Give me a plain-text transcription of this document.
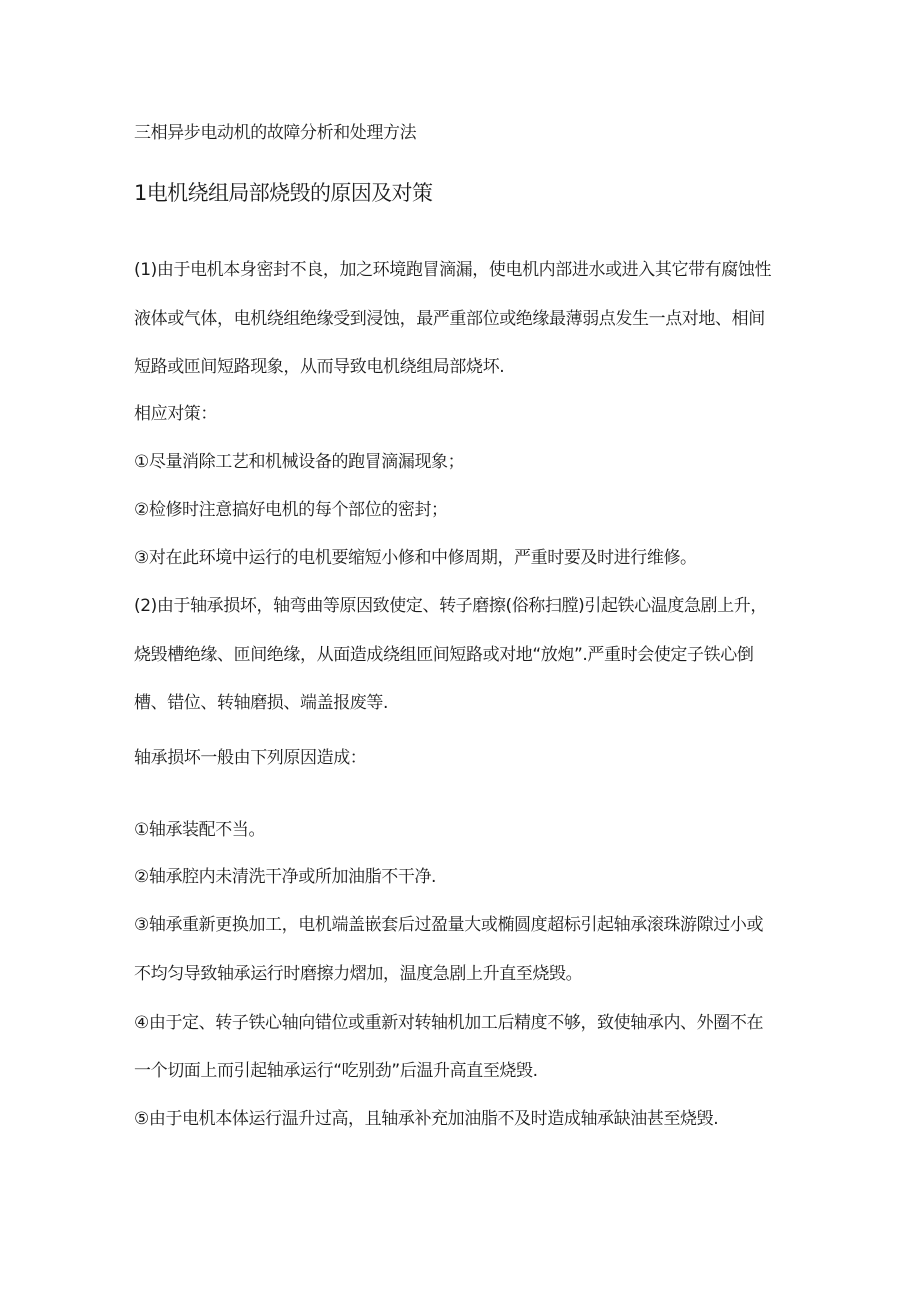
三相异步电动机的故障分析和处理方法

1电机绕组局部烧毁的原因及对策

(1)由于电机本身密封不良，加之环境跑冒滴漏，使电机内部进水或进入其它带有腐蚀性

液体或气体，电机绕组绝缘受到浸蚀，最严重部位或绝缘最薄弱点发生一点对地、相间

短路或匝间短路现象，从而导致电机绕组局部烧坏.

相应对策：

①尽量消除工艺和机械设备的跑冒滴漏现象；

②检修时注意搞好电机的每个部位的密封；

③对在此环境中运行的电机要缩短小修和中修周期，严重时要及时进行维修。

(2)由于轴承损坏，轴弯曲等原因致使定、转子磨擦(俗称扫膛)引起铁心温度急剧上升，

烧毁槽绝缘、匝间绝缘，从面造成绕组匝间短路或对地“放炮”.严重时会使定子铁心倒

槽、错位、转轴磨损、端盖报废等.

轴承损坏一般由下列原因造成：

①轴承装配不当。

②轴承腔内未清洗干净或所加油脂不干净.

③轴承重新更换加工，电机端盖嵌套后过盈量大或椭圆度超标引起轴承滚珠游隙过小或

不均匀导致轴承运行时磨擦力熠加，温度急剧上升直至烧毁。

④由于定、转子铁心轴向错位或重新对转轴机加工后精度不够，致使轴承内、外圈不在

一个切面上而引起轴承运行“吃别劲”后温升高直至烧毁.

⑤由于电机本体运行温升过高，且轴承补充加油脂不及时造成轴承缺油甚至烧毁.
